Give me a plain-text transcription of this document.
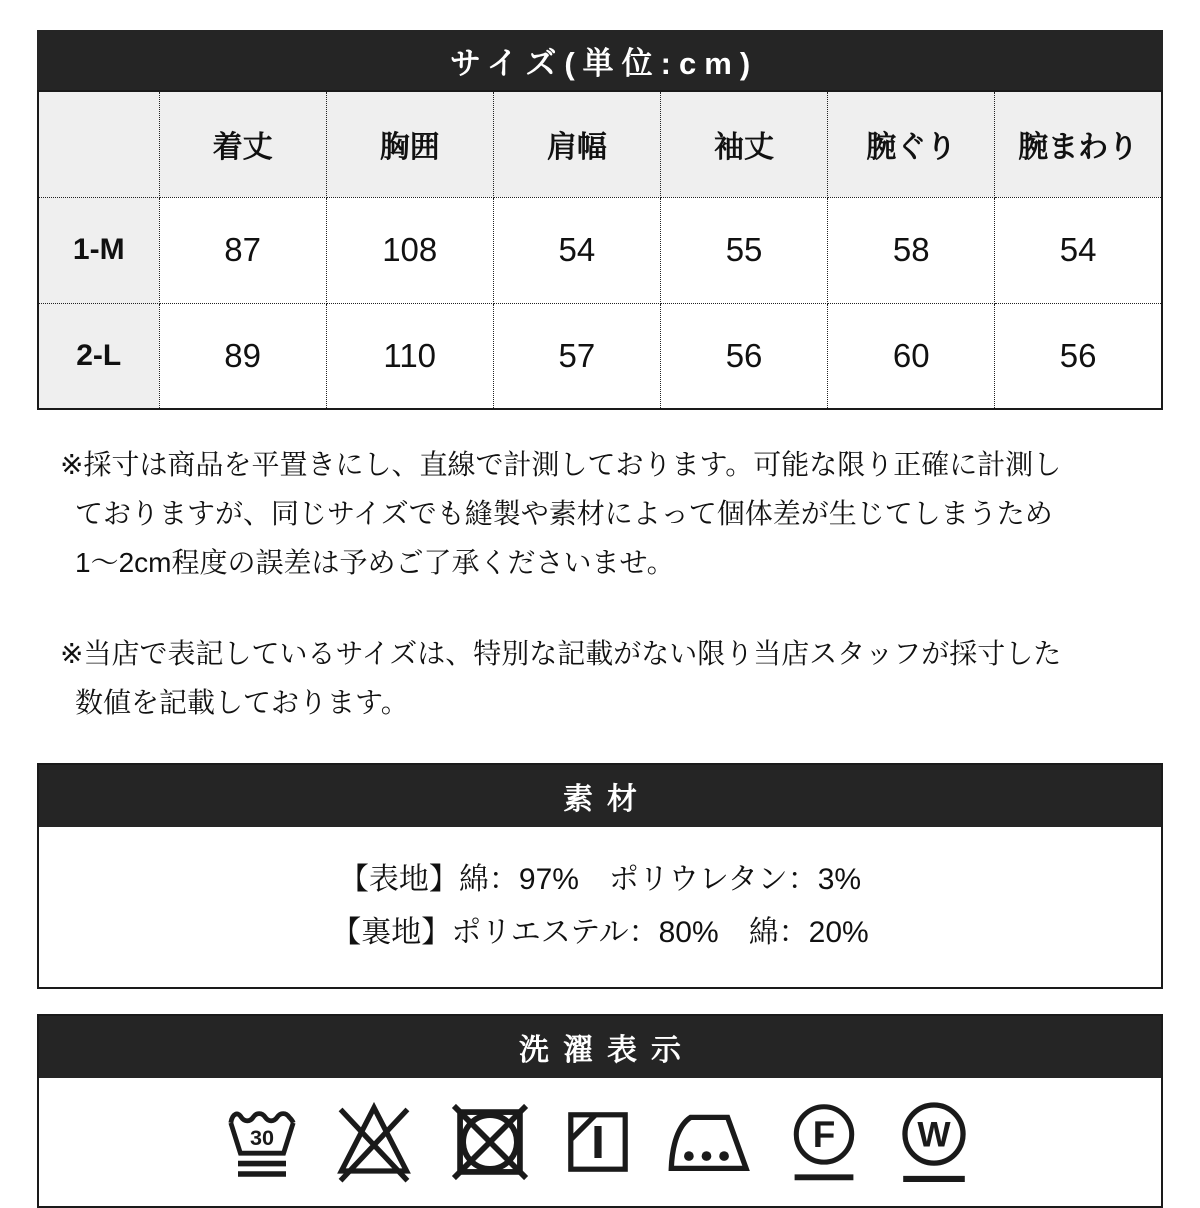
サイズ(単位:cm)
	着丈	胸囲	肩幅	袖丈	腕ぐり	腕まわり
1-M	87	108	54	55	58	54
2-L	89	110	57	56	60	56
※採寸は商品を平置きにし、直線で計測しております。可能な限り正確に計測し
ておりますが、同じサイズでも縫製や素材によって個体差が生じてしまうため
1〜2cm程度の誤差は予めご了承くださいませ。
※当店で表記しているサイズは、特別な記載がない限り当店スタッフが採寸した
数値を記載しております。
素材
【表地】綿：97%　ポリウレタン：3%
【裏地】ポリエステル：80%　綿：20%
洗濯表示
30	F W
